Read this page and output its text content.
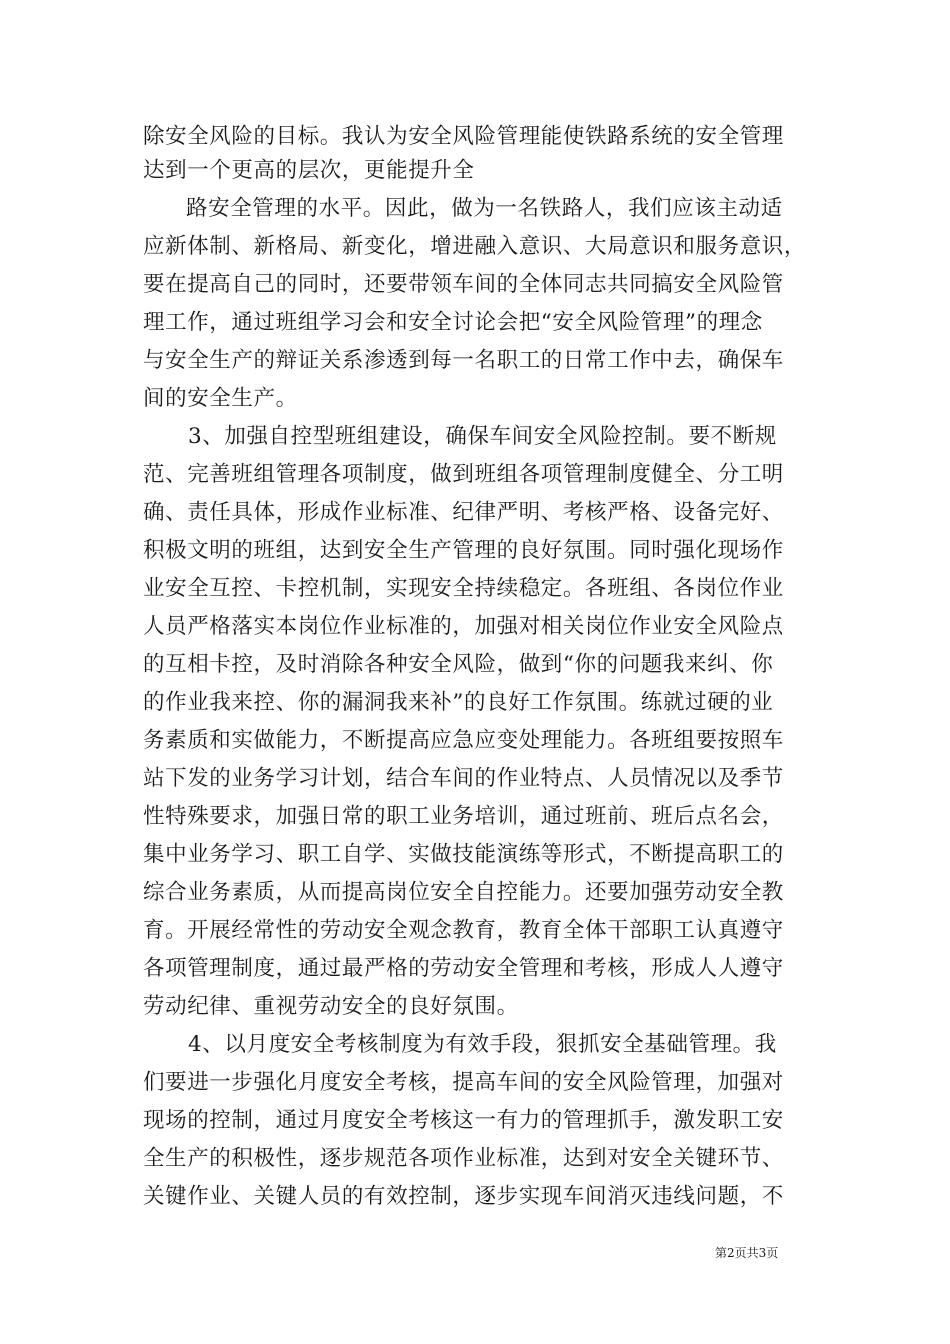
除安全风险的目标。我认为安全风险管理能使铁路系统的安全管理
达到一个更高的层次，更能提升全
路安全管理的水平。因此，做为一名铁路人，我们应该主动适
应新体制、新格局、新变化，增进融入意识、大局意识和服务意识，
要在提高自己的同时，还要带领车间的全体同志共同搞安全风险管
理工作，通过班组学习会和安全讨论会把“安全风险管理”的理念
与安全生产的辩证关系渗透到每一名职工的日常工作中去，确保车
间的安全生产。
3、加强自控型班组建设，确保车间安全风险控制。要不断规
范、完善班组管理各项制度，做到班组各项管理制度健全、分工明
确、责任具体，形成作业标准、纪律严明、考核严格、设备完好、
积极文明的班组，达到安全生产管理的良好氛围。同时强化现场作
业安全互控、卡控机制，实现安全持续稳定。各班组、各岗位作业
人员严格落实本岗位作业标准的，加强对相关岗位作业安全风险点
的互相卡控，及时消除各种安全风险，做到“你的问题我来纠、你
的作业我来控、你的漏洞我来补”的良好工作氛围。练就过硬的业
务素质和实做能力，不断提高应急应变处理能力。各班组要按照车
站下发的业务学习计划，结合车间的作业特点、人员情况以及季节
性特殊要求，加强日常的职工业务培训，通过班前、班后点名会，
集中业务学习、职工自学、实做技能演练等形式，不断提高职工的
综合业务素质，从而提高岗位安全自控能力。还要加强劳动安全教
育。开展经常性的劳动安全观念教育，教育全体干部职工认真遵守
各项管理制度，通过最严格的劳动安全管理和考核，形成人人遵守
劳动纪律、重视劳动安全的良好氛围。
4、以月度安全考核制度为有效手段，狠抓安全基础管理。我
们要进一步强化月度安全考核，提高车间的安全风险管理，加强对
现场的控制，通过月度安全考核这一有力的管理抓手，激发职工安
全生产的积极性，逐步规范各项作业标准，达到对安全关键环节、
关键作业、关键人员的有效控制，逐步实现车间消灭违线问题，不
第2页共3页
